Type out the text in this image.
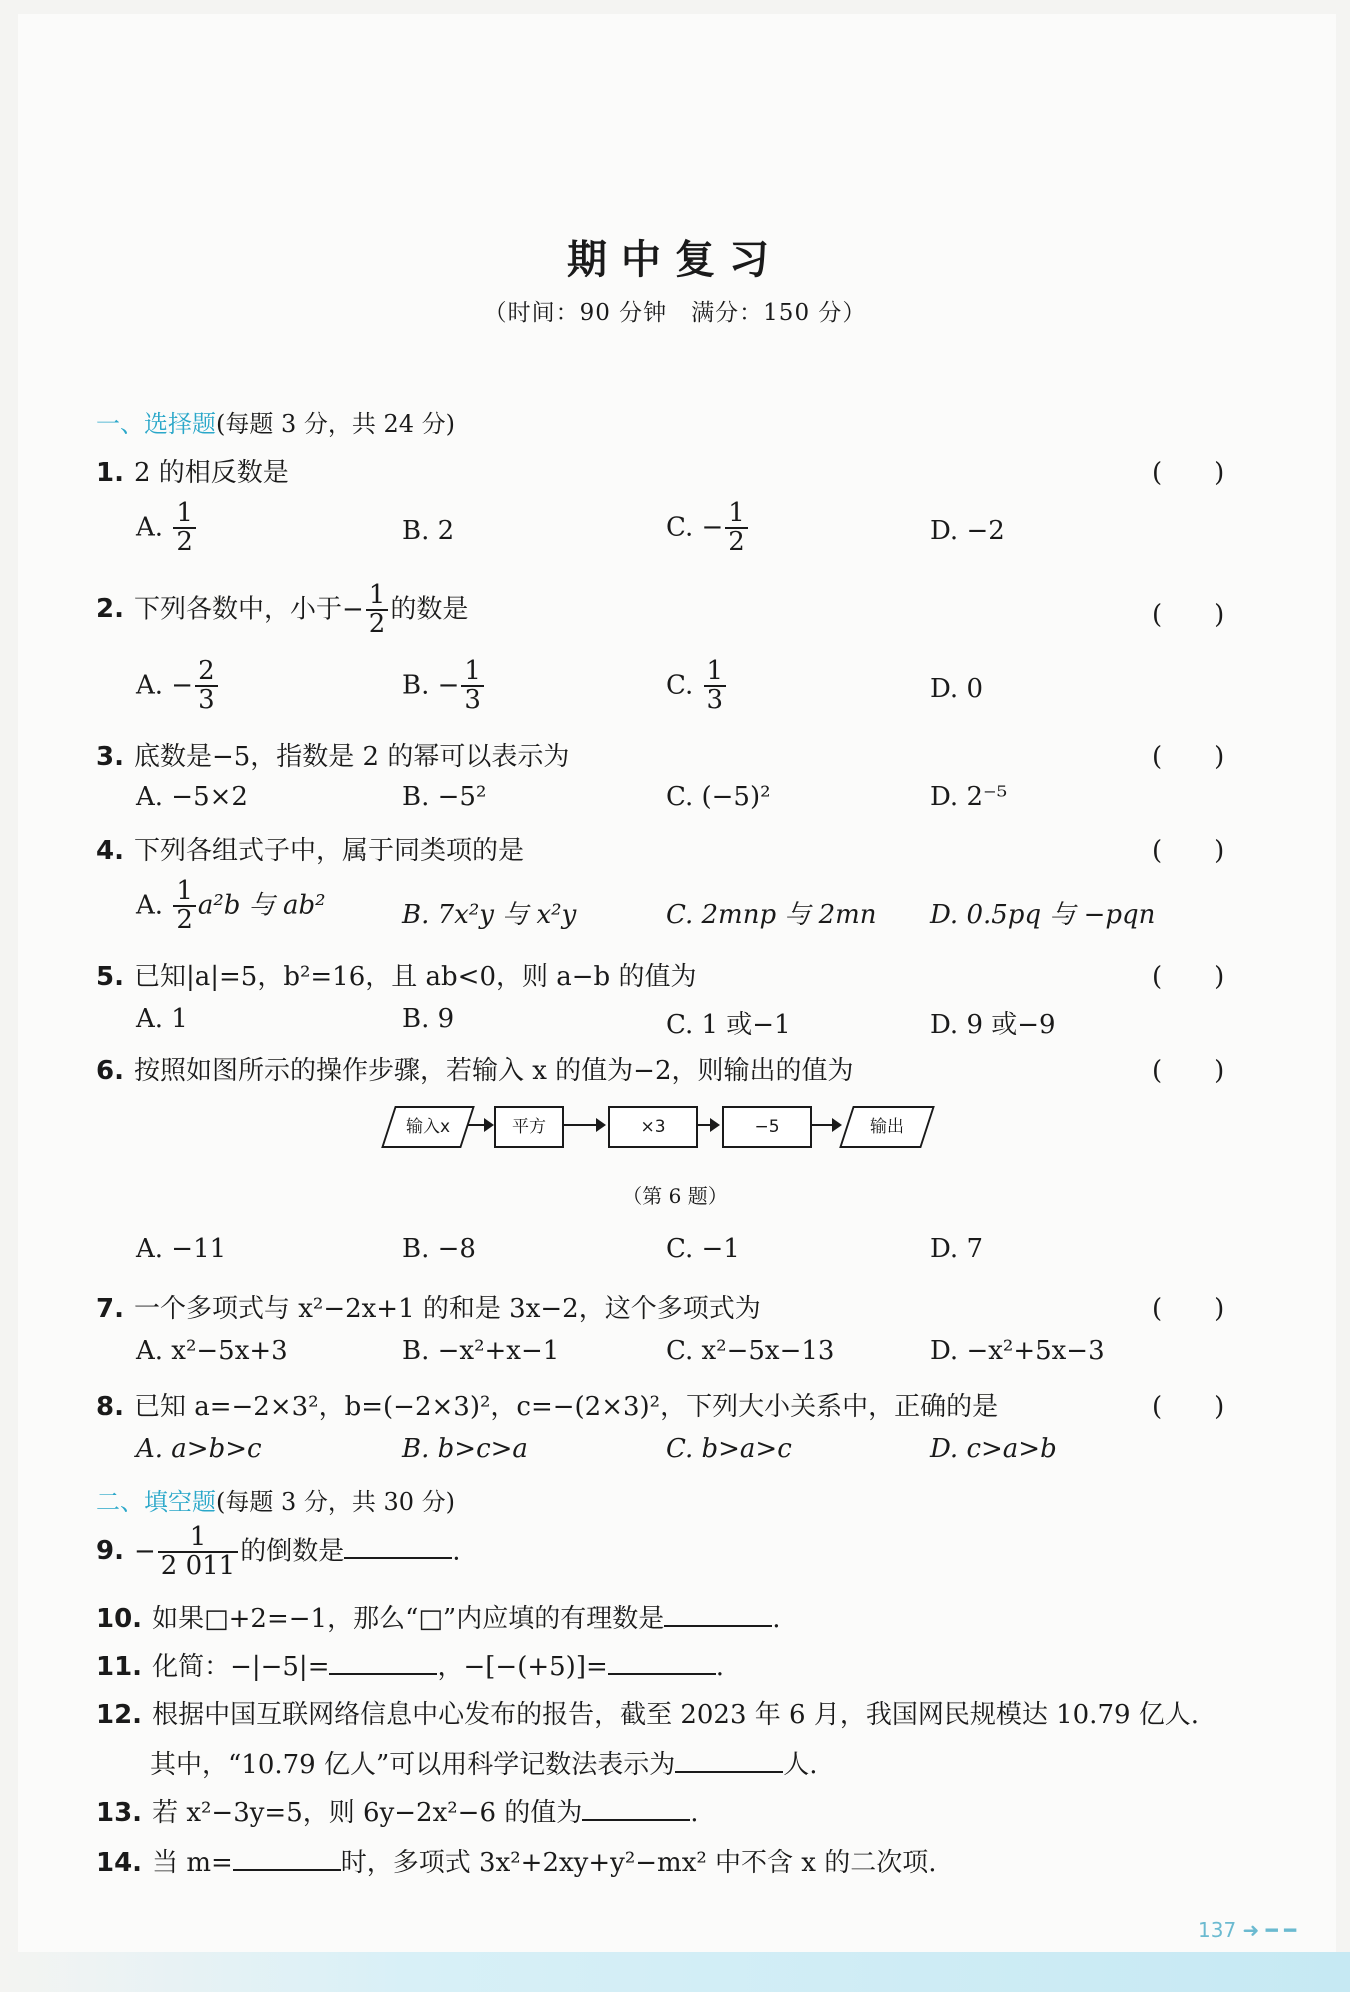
期中复习
（时间：90 分钟　满分：150 分）
一、选择题(每题 3 分，共 24 分)
1. 2 的相反数是	(　　)
A. $\frac{1}{2}$	B. 2	C. − $\frac{1}{2}$	D. −2
2. 下列各数中，小于− $\frac{1}{2}$ 的数是	(　　)
A. − $\frac{2}{3}$	B. − $\frac{1}{3}$	C. $\frac{1}{3}$	D. 0
3. 底数是−5，指数是 2 的幂可以表示为	(　　)
A. −5×2	B. −5²	C. (−5)²	D. 2⁻⁵
4. 下列各组式子中，属于同类项的是	(　　)
A. $\frac{1}{2} a^2b$ 与 ab²	B. 7x²y 与 x²y	C. 2mnp 与 2mn D. 0.5pq 与 −pqn
5. 已知|a|=5，b²=16，且 ab<0，则 a−b 的值为	(　　)
A. 1	B. 9	C. 1 或−1	D. 9 或−9
6. 按照如图所示的操作步骤，若输入 x 的值为−2，则输出的值为	(　　)
输入x	平方	×3	−5	输出
（第 6 题）
A. −11	B. −8	C. −1	D. 7
7. 一个多项式与 x²−2x+1 的和是 3x−2，这个多项式为	(　　)
A. x²−5x+3	B. −x²+x−1	C. x²−5x−13	D. −x²+5x−3
8. 已知 a=−2×3²，b=(−2×3)²，c=−(2×3)²，下列大小关系中，正确的是	(　　)
A. a>b>c	B. b>c>a	C. b>a>c	D. c>a>b
二、填空题(每题 3 分，共 30 分)
9. − $\frac{1}{2 011}$ 的倒数是	.
10. 如果□+2=−1，那么“□”内应填的有理数是	.
11. 化简：−|−5|=	，−[−(+5)]=	.
12. 根据中国互联网络信息中心发布的报告，截至 2023 年 6 月，我国网民规模达 10.79 亿人.
其中，“10.79 亿人”可以用科学记数法表示为	人.
13. 若 x²−3y=5，则 6y−2x²−6 的值为	.
14. 当 m=	时，多项式 3x²+2xy+y²−mx² 中不含 x 的二次项.
137 ➜ ━ ━
